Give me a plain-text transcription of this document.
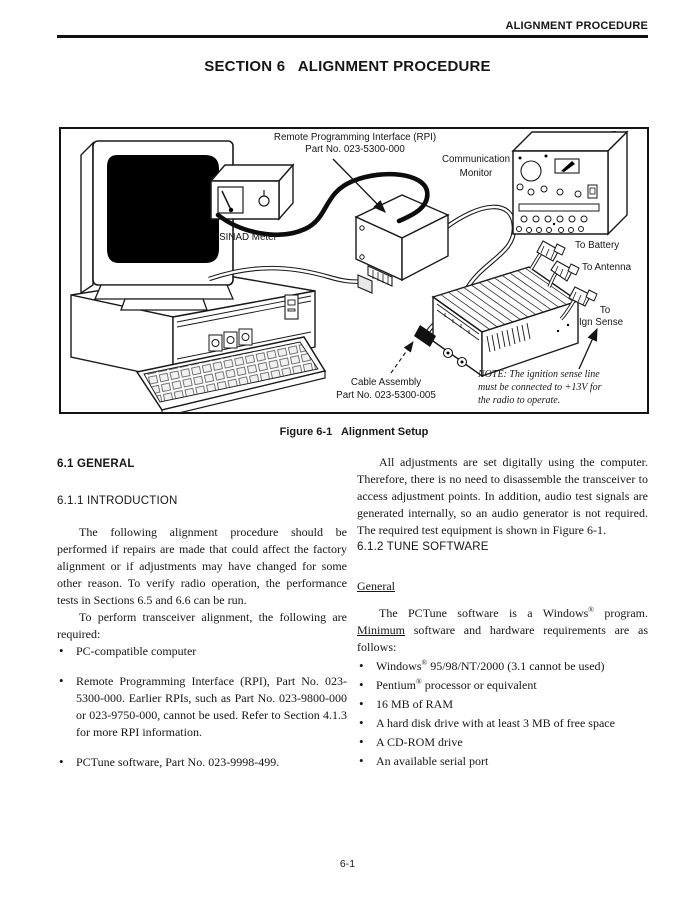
ALIGNMENT PROCEDURE
SECTION 6   ALIGNMENT PROCEDURE
Remote Programming Interface (RPI)
Part No. 023-5300-000
Communication
Monitor
SINAD Meter
To Battery
To Antenna
To
Ign Sense
Cable Assembly
Part No. 023-5300-005
NOTE: The ignition sense line
must be connected to +13V for
the radio to operate.
Figure 6-1   Alignment Setup
6.1 GENERAL
6.1.1 INTRODUCTION

The following alignment procedure should be performed if repairs are made that could affect the factory alignment or if adjustments may have changed for some other reason. To verify radio operation, the performance tests in Sections 6.5 and 6.6 can be run.

To perform transceiver alignment, the following are required:

• PC-compatible computer
• Remote Programming Interface (RPI), Part No. 023-5300-000. Earlier RPIs, such as Part No. 023-9800-000 or 023-9750-000, cannot be used. Refer to Section 4.1.3 for more RPI information.
• PCTune software, Part No. 023-9998-499.

All adjustments are set digitally using the computer. Therefore, there is no need to disassemble the transceiver to access adjustment points. In addition, audio test signals are generated internally, so an audio generator is not required. The required test equipment is shown in Figure 6-1.

6.1.2 TUNE SOFTWARE
General

The PCTune software is a Windows® program. Minimum software and hardware requirements are as follows:

• Windows® 95/98/NT/2000 (3.1 cannot be used)
• Pentium® processor or equivalent
• 16 MB of RAM
• A hard disk drive with at least 3 MB of free space
• A CD-ROM drive
• An available serial port
6-1
